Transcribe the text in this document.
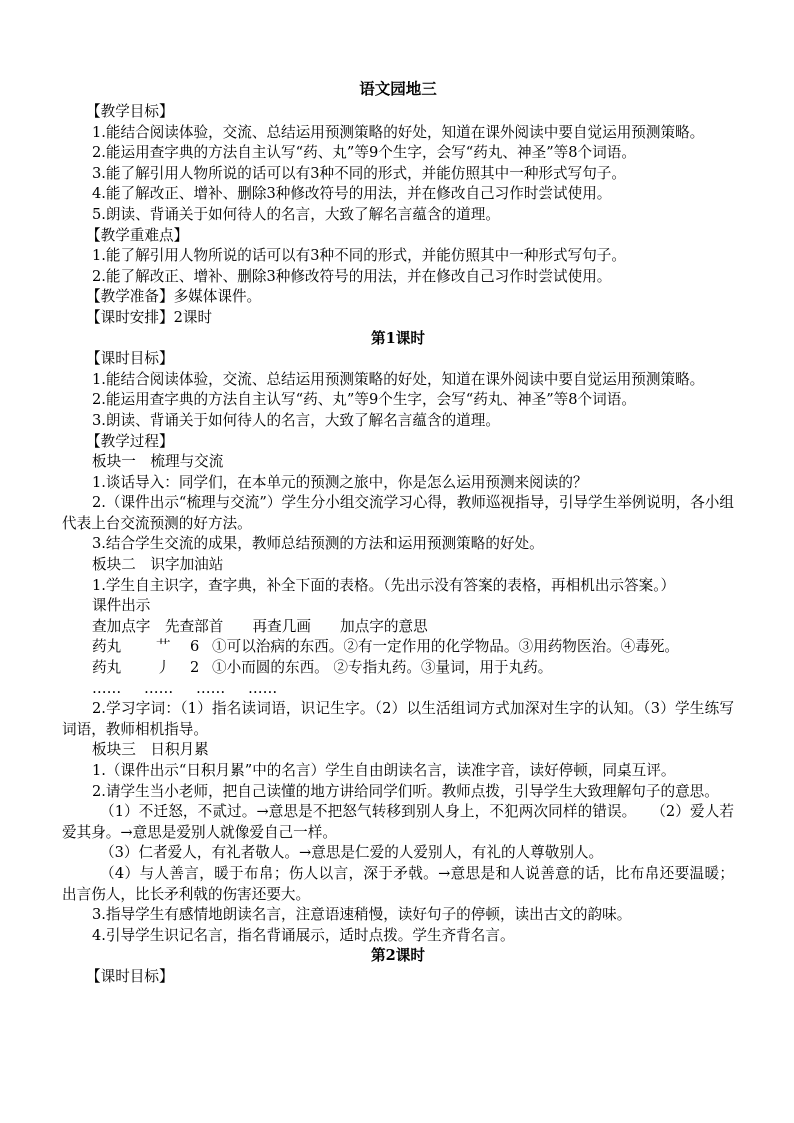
语文园地三
【教学目标】
1.能结合阅读体验，交流、总结运用预测策略的好处，知道在课外阅读中要自觉运用预测策略。
2.能运用查字典的方法自主认写“药、丸”等9个生字，会写“药丸、神圣”等8个词语。
3.能了解引用人物所说的话可以有3种不同的形式，并能仿照其中一种形式写句子。
4.能了解改正、增补、删除3种修改符号的用法，并在修改自己习作时尝试使用。
5.朗读、背诵关于如何待人的名言，大致了解名言蕴含的道理。
【教学重难点】
1.能了解引用人物所说的话可以有3种不同的形式，并能仿照其中一种形式写句子。
2.能了解改正、增补、删除3种修改符号的用法，并在修改自己习作时尝试使用。
【教学准备】多媒体课件。
【课时安排】2课时
第1课时
【课时目标】
1.能结合阅读体验，交流、总结运用预测策略的好处，知道在课外阅读中要自觉运用预测策略。
2.能运用查字典的方法自主认写“药、丸”等9个生字，会写“药丸、神圣”等8个词语。
3.朗读、背诵关于如何待人的名言，大致了解名言蕴含的道理。
【教学过程】
板块一　梳理与交流
1.谈话导入：同学们，在本单元的预测之旅中，你是怎么运用预测来阅读的？
2.（课件出示“梳理与交流”）学生分小组交流学习心得，教师巡视指导，引导学生举例说明，各小组代表上台交流预测的好方法。
3.结合学生交流的成果，教师总结预测的方法和运用预测策略的好处。
板块二　识字加油站
1.学生自主识字，查字典，补全下面的表格。（先出示没有答案的表格，再相机出示答案。）
课件出示
查加点字　先查部首　　再查几画　　加点字的意思
药丸 艹 6 ①可以治病的东西。②有一定作用的化学物品。③用药物医治。④毒死。
药丸 丿 2 ①小而圆的东西。 ②专指丸药。③量词，用于丸药。
…… …… …… ……
2.学习字词：（1）指名读词语，识记生字。（2）以生活组词方式加深对生字的认知。（3）学生练写词语，教师相机指导。
板块三　日积月累
1.（课件出示“日积月累”中的名言）学生自由朗读名言，读准字音，读好停顿，同桌互评。
2.请学生当小老师，把自己读懂的地方讲给同学们听。教师点拨，引导学生大致理解句子的意思。
（1）不迁怒，不贰过。→意思是不把怒气转移到别人身上，不犯两次同样的错误。　　（2）爱人若爱其身。→意思是爱别人就像爱自己一样。
（3）仁者爱人，有礼者敬人。→意思是仁爱的人爱别人，有礼的人尊敬别人。
（4）与人善言，暖于布帛；伤人以言，深于矛戟。→意思是和人说善意的话，比布帛还要温暖；出言伤人，比长矛利戟的伤害还要大。
3.指导学生有感情地朗读名言，注意语速稍慢，读好句子的停顿，读出古文的韵味。
4.引导学生识记名言，指名背诵展示，适时点拨。学生齐背名言。
第2课时
【课时目标】
